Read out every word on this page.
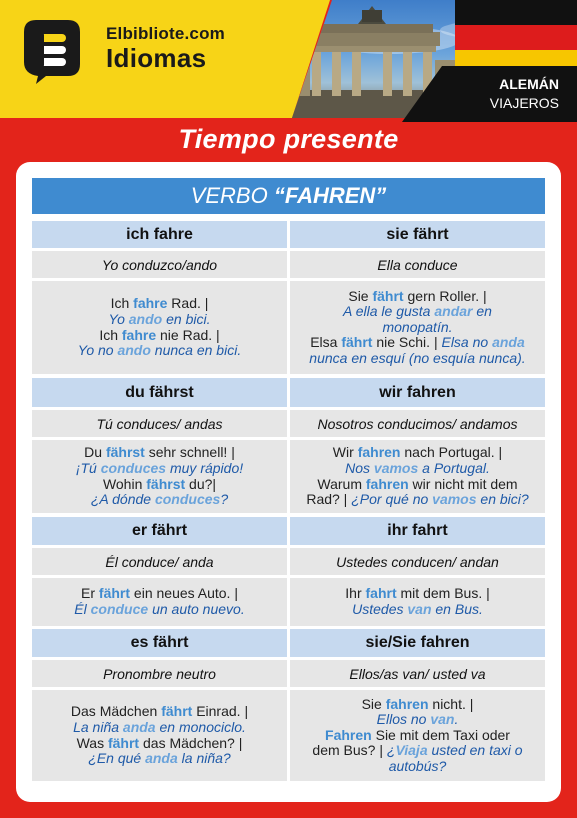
Elbibliote.com
Idiomas
ALEMÁN
VIAJEROS
Tiempo presente
VERBO “FAHREN”
ich fahre
Yo conduzco/ando
Ich fahre Rad. |
Yo ando en bici.
Ich fahre nie Rad. |
Yo no ando nunca en bici.
sie fährt
Ella conduce
Sie fährt gern Roller. |
A ella le gusta andar en
monopatín.
Elsa fährt nie Schi. | Elsa no anda
nunca en esquí (no esquía nunca).
du fährst
Tú conduces/ andas
Du fährst sehr schnell! |
¡Tú conduces muy rápido!
Wohin fährst du?|
¿A dónde conduces?
wir fahren
Nosotros conducimos/ andamos
Wir fahren nach Portugal. |
Nos vamos a Portugal.
Warum fahren wir nicht mit dem
Rad? | ¿Por qué no vamos en bici?
er fährt
Él conduce/ anda
Er fährt ein neues Auto. |
Él conduce un auto nuevo.
ihr fahrt
Ustedes conducen/ andan
Ihr fahrt mit dem Bus. |
Ustedes van en Bus.
es fährt
Pronombre neutro
Das Mädchen fährt Einrad. |
La niña anda en monociclo.
Was fährt das Mädchen? |
¿En qué anda la niña?
sie/Sie fahren
Ellos/as van/ usted va
Sie fahren nicht. |
Ellos no van.
Fahren Sie mit dem Taxi oder
dem Bus? | ¿Viaja usted en taxi o
autobús?
